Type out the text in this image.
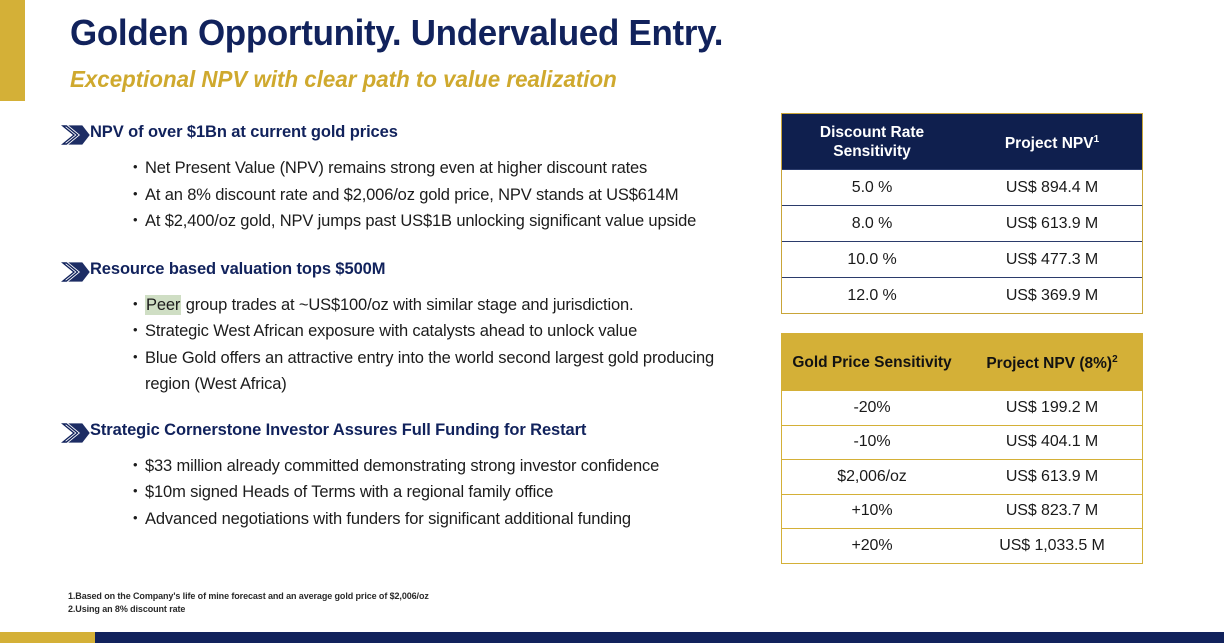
Golden Opportunity. Undervalued Entry.
Exceptional NPV with clear path to value realization
NPV of over $1Bn at current gold prices
• Net Present Value (NPV) remains strong even at higher discount rates
• At an 8% discount rate and $2,006/oz gold price, NPV stands at US$614M
• At $2,400/oz gold, NPV jumps past US$1B unlocking significant value upside
Resource based valuation tops $500M
• Peer group trades at ~US$100/oz with similar stage and jurisdiction.
• Strategic West African exposure with catalysts ahead to unlock value
• Blue Gold offers an attractive entry into the world second largest gold producing region (West Africa)
Strategic Cornerstone Investor Assures Full Funding for Restart
• $33 million already committed demonstrating strong investor confidence
• $10m signed Heads of Terms with a regional family office
• Advanced negotiations with funders for significant additional funding
Discount Rate Sensitivity	Project NPV$^1$
5.0 %	US$ 894.4 M
8.0 %	US$ 613.9 M
10.0 %	US$ 477.3 M
12.0 %	US$ 369.9 M
Gold Price Sensitivity	Project NPV $(8\%)^2$
-20%	US$ 199.2 M
-10%	US$ 404.1 M
$2,006/oz	US$ 613.9 M
+10%	US$ 823.7 M
+20%	US$ 1,033.5 M
1.Based on the Company's life of mine forecast and an average gold price of $2,006/oz
2.Using an 8% discount rate
